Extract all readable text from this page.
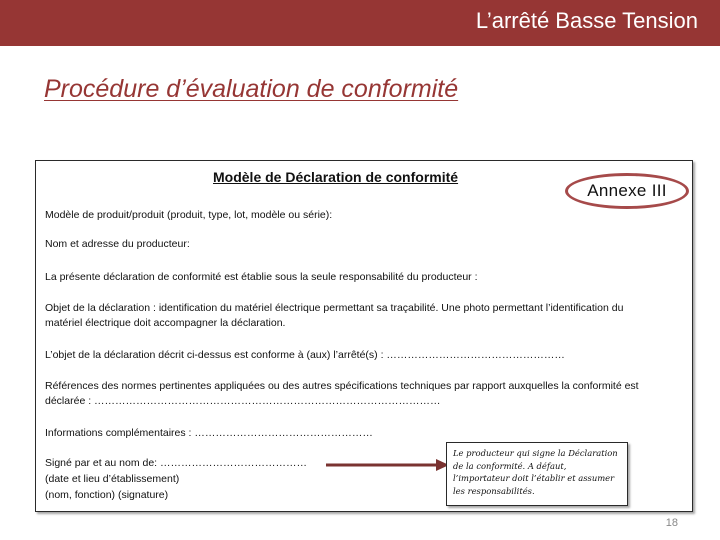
L’arrêté Basse Tension
Procédure d’évaluation de conformité
Modèle de Déclaration de conformité
Annexe III
Modèle de produit/produit (produit, type, lot, modèle ou série):
Nom et adresse du producteur:
La présente déclaration de conformité est établie sous la seule responsabilité du producteur :
Objet de la déclaration : identification du matériel électrique permettant sa traçabilité. Une photo permettant l’identification du matériel électrique doit accompagner la déclaration.
L’objet de la déclaration décrit ci-dessus est conforme à (aux) l’arrêté(s) : ……………………………………………
Références des normes pertinentes appliquées ou des autres spécifications techniques par rapport auxquelles la conformité est déclarée : ………………………………………………………………………………………
Informations complémentaires : ……………………………………………
Signé par et au nom de: ……………………………………
(date et lieu d’établissement)
(nom, fonction) (signature)
Le producteur qui signe la Déclaration de la conformité. A défaut, l’importateur doit l’établir et assumer les responsabilités.
18
